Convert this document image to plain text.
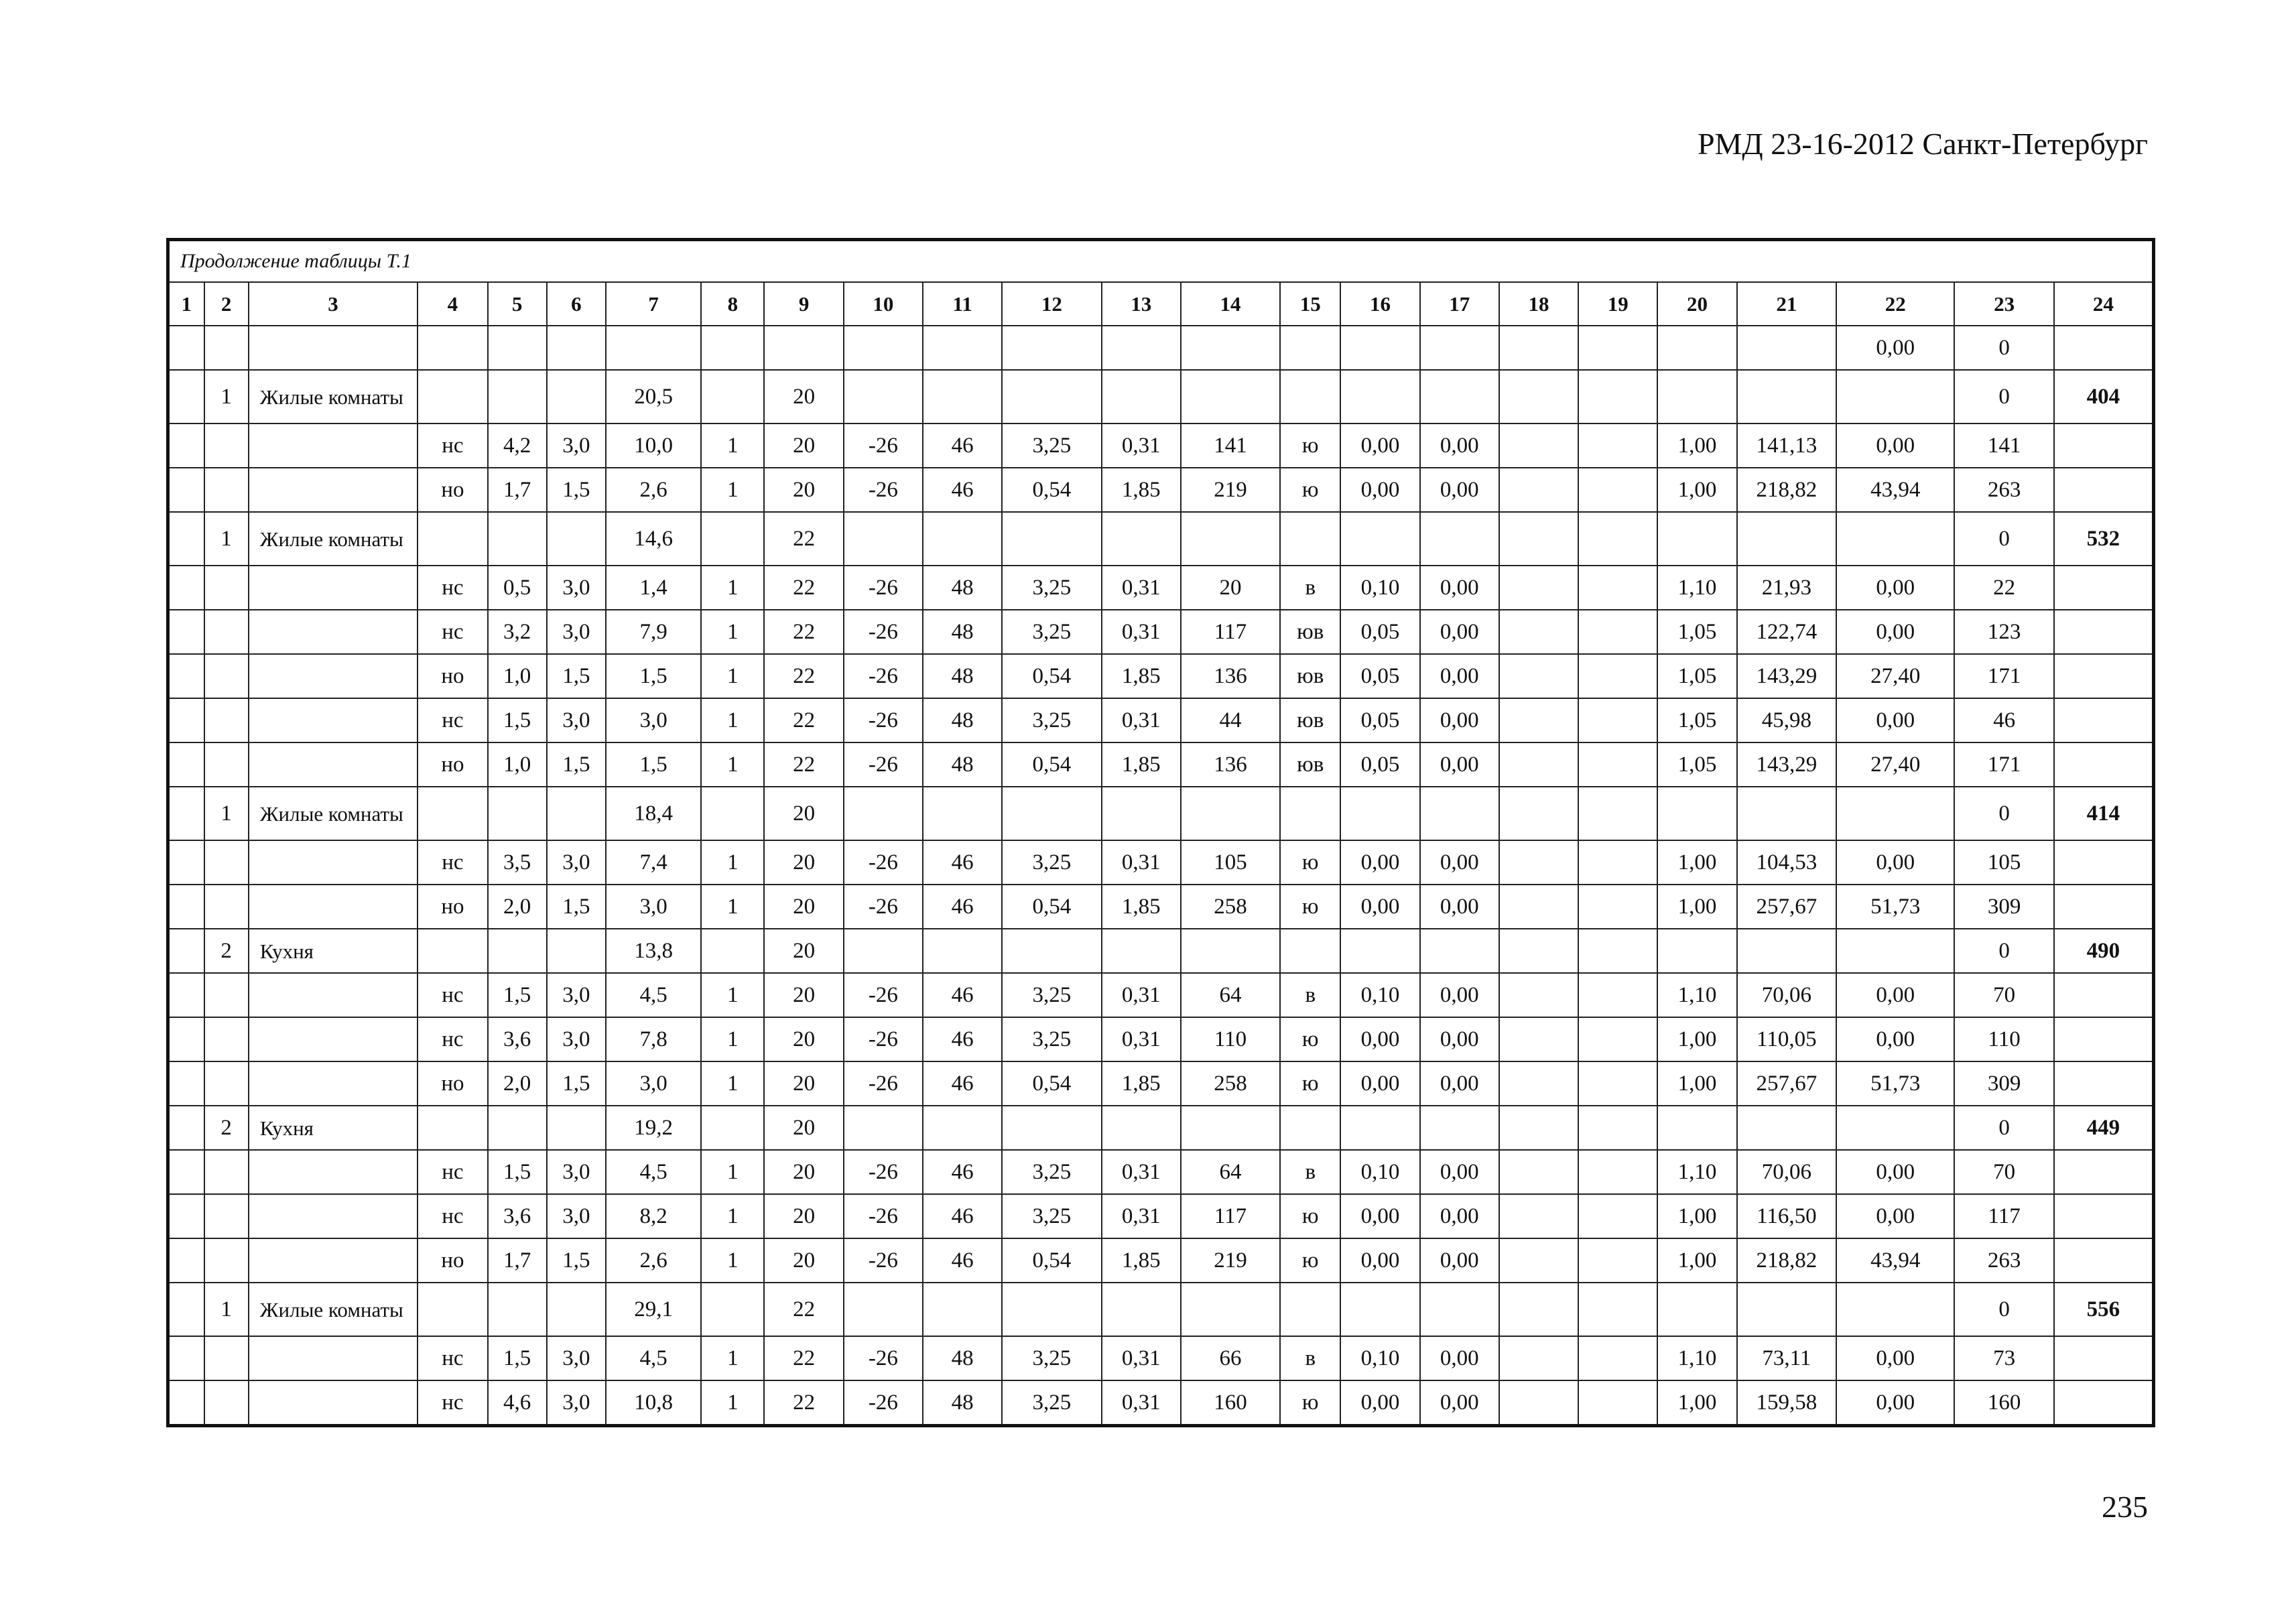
РМД 23-16-2012 Санкт-Петербург
Продолжение таблицы Т.1																							
1	2	3	4	5	6	7	8	9	10	11	12	13	14	15	16	17	18	19	20	21	22	23	24
																					0,00	0	
	1	Жилые комнаты				20,5		20														0	404
			нс	4,2	3,0	10,0	1	20	-26	46	3,25	0,31	141	ю	0,00	0,00			1,00	141,13	0,00	141	
			но	1,7	1,5	2,6	1	20	-26	46	0,54	1,85	219	ю	0,00	0,00			1,00	218,82	43,94	263	
	1	Жилые комнаты				14,6		22														0	532
			нс	0,5	3,0	1,4	1	22	-26	48	3,25	0,31	20	в	0,10	0,00			1,10	21,93	0,00	22	
			нс	3,2	3,0	7,9	1	22	-26	48	3,25	0,31	117	юв	0,05	0,00			1,05	122,74	0,00	123	
			но	1,0	1,5	1,5	1	22	-26	48	0,54	1,85	136	юв	0,05	0,00			1,05	143,29	27,40	171	
			нс	1,5	3,0	3,0	1	22	-26	48	3,25	0,31	44	юв	0,05	0,00			1,05	45,98	0,00	46	
			но	1,0	1,5	1,5	1	22	-26	48	0,54	1,85	136	юв	0,05	0,00			1,05	143,29	27,40	171	
	1	Жилые комнаты				18,4		20														0	414
			нс	3,5	3,0	7,4	1	20	-26	46	3,25	0,31	105	ю	0,00	0,00			1,00	104,53	0,00	105	
			но	2,0	1,5	3,0	1	20	-26	46	0,54	1,85	258	ю	0,00	0,00			1,00	257,67	51,73	309	
	2	Кухня				13,8		20														0	490
			нс	1,5	3,0	4,5	1	20	-26	46	3,25	0,31	64	в	0,10	0,00			1,10	70,06	0,00	70	
			нс	3,6	3,0	7,8	1	20	-26	46	3,25	0,31	110	ю	0,00	0,00			1,00	110,05	0,00	110	
			но	2,0	1,5	3,0	1	20	-26	46	0,54	1,85	258	ю	0,00	0,00			1,00	257,67	51,73	309	
	2	Кухня				19,2		20														0	449
			нс	1,5	3,0	4,5	1	20	-26	46	3,25	0,31	64	в	0,10	0,00			1,10	70,06	0,00	70	
			нс	3,6	3,0	8,2	1	20	-26	46	3,25	0,31	117	ю	0,00	0,00			1,00	116,50	0,00	117	
			но	1,7	1,5	2,6	1	20	-26	46	0,54	1,85	219	ю	0,00	0,00			1,00	218,82	43,94	263	
	1	Жилые комнаты				29,1		22														0	556
			нс	1,5	3,0	4,5	1	22	-26	48	3,25	0,31	66	в	0,10	0,00			1,10	73,11	0,00	73	
			нс	4,6	3,0	10,8	1	22	-26	48	3,25	0,31	160	ю	0,00	0,00			1,00	159,58	0,00	160	
235
